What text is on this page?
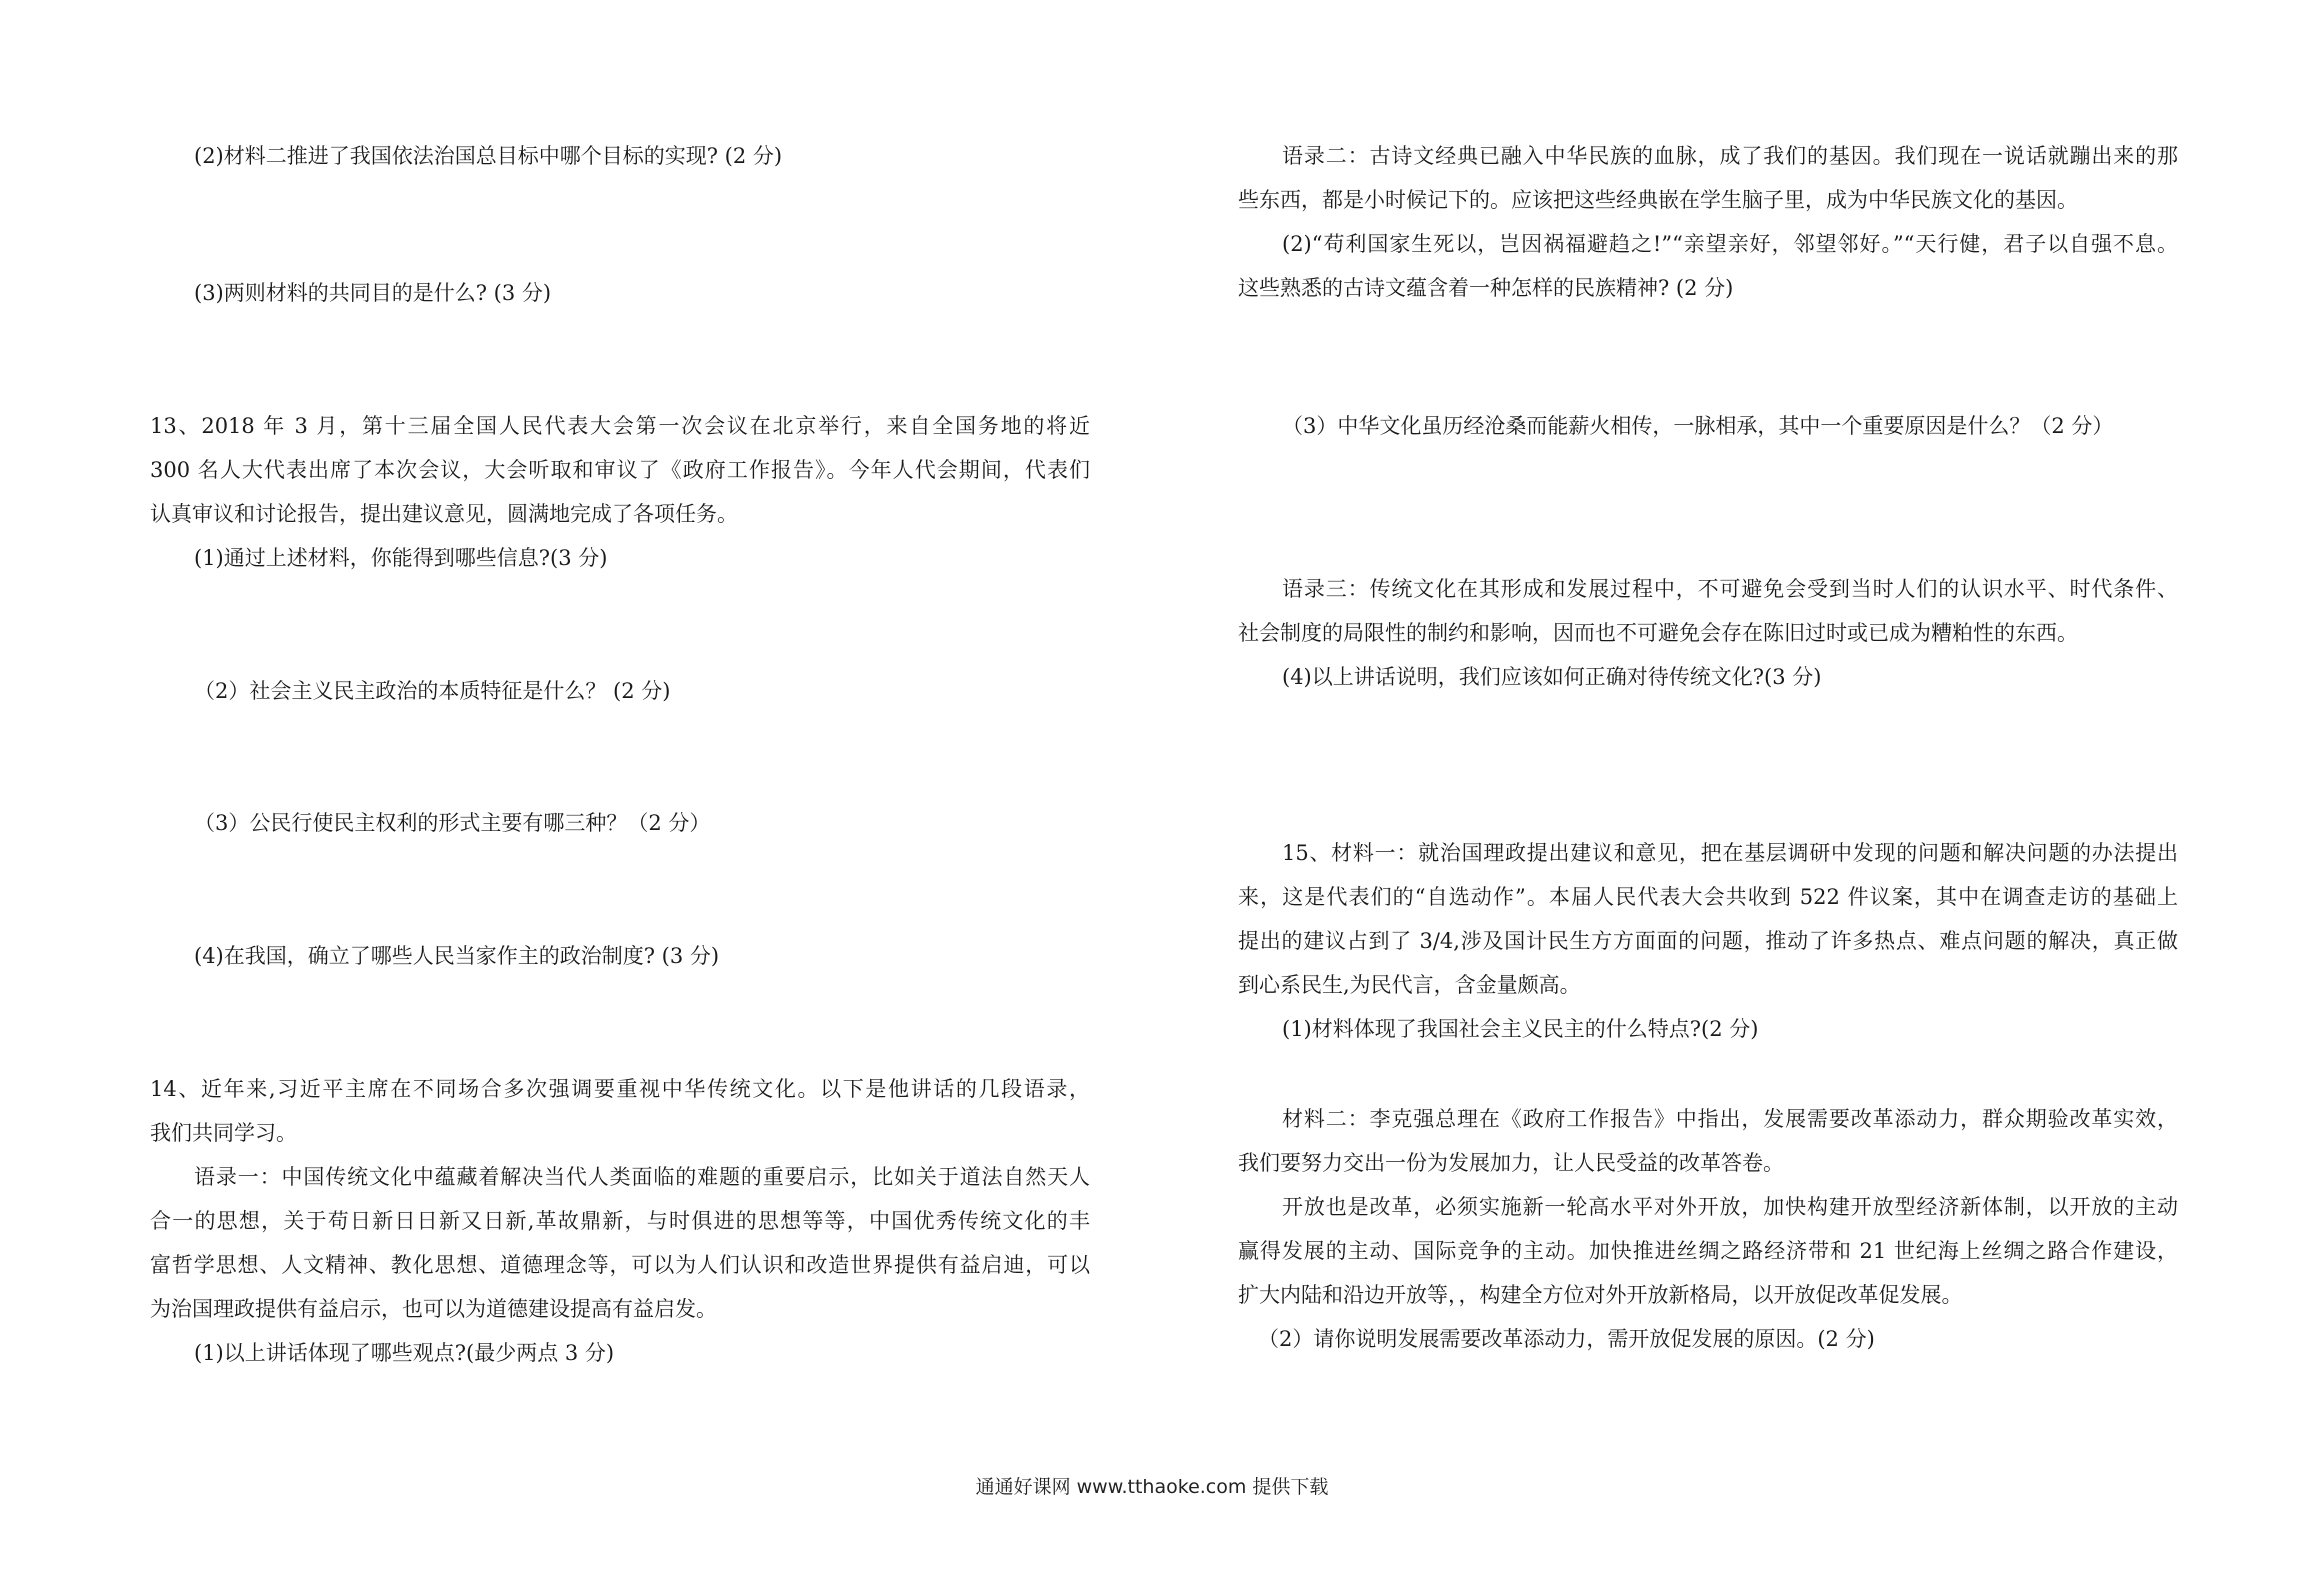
(2)材料二推进了我国依法治国总目标中哪个目标的实现? (2 分)
(3)两则材料的共同目的是什么? (3 分)
13、2018 年 3 月，第十三届全国人民代表大会第一次会议在北京举行，来自全国务地的将近
300 名人大代表出席了本次会议，大会听取和审议了《政府工作报告》。今年人代会期间，代表们
认真审议和讨论报告，提出建议意见，圆满地完成了各项任务。
(1)通过上述材料，你能得到哪些信息?(3 分)
（2）社会主义民主政治的本质特征是什么？ (2 分)
（3）公民行使民主权利的形式主要有哪三种？（2 分）
(4)在我国，确立了哪些人民当家作主的政治制度? (3 分)
14、近年来,习近平主席在不同场合多次强调要重视中华传统文化。以下是他讲话的几段语录，
我们共同学习。
语录一：中国传统文化中蕴藏着解决当代人类面临的难题的重要启示，比如关于道法自然天人
合一的思想，关于苟日新日日新又日新,革故鼎新，与时俱进的思想等等，中国优秀传统文化的丰
富哲学思想、人文精神、教化思想、道德理念等，可以为人们认识和改造世界提供有益启迪，可以
为治国理政提供有益启示，也可以为道德建设提高有益启发。
(1)以上讲话体现了哪些观点?(最少两点 3 分)
语录二：古诗文经典已融入中华民族的血脉，成了我们的基因。我们现在一说话就蹦出来的那
些东西，都是小时候记下的。应该把这些经典嵌在学生脑子里，成为中华民族文化的基因。
(2)“苟利国家生死以，岂因祸福避趋之!”“亲望亲好，邻望邻好。”“天行健，君子以自强不息。
这些熟悉的古诗文蕴含着一种怎样的民族精神? (2 分)
（3）中华文化虽历经沧桑而能薪火相传，一脉相承，其中一个重要原因是什么？（2 分）
语录三：传统文化在其形成和发展过程中，不可避免会受到当时人们的认识水平、时代条件、
社会制度的局限性的制约和影响，因而也不可避免会存在陈旧过时或已成为糟粕性的东西。
(4)以上讲话说明，我们应该如何正确对待传统文化?(3 分)
15、材料一：就治国理政提出建议和意见，把在基层调研中发现的问题和解决问题的办法提出
来，这是代表们的“自选动作”。本届人民代表大会共收到 522 件议案，其中在调查走访的基础上
提出的建议占到了 3/4,涉及国计民生方方面面的问题，推动了许多热点、难点问题的解决，真正做
到心系民生,为民代言，含金量颇高。
(1)材料体现了我国社会主义民主的什么特点?(2 分)
材料二：李克强总理在《政府工作报告》中指出，发展需要改革添动力，群众期验改革实效，
我们要努力交出一份为发展加力，让人民受益的改革答卷。
开放也是改革，必须实施新一轮高水平对外开放，加快构建开放型经济新体制，以开放的主动
赢得发展的主动、国际竞争的主动。加快推进丝绸之路经济带和 21 世纪海上丝绸之路合作建设，
扩大内陆和沿边开放等，，构建全方位对外开放新格局，以开放促改革促发展。
（2）请你说明发展需要改革添动力，需开放促发展的原因。(2 分)
通通好课网 www.tthaoke.com 提供下载
